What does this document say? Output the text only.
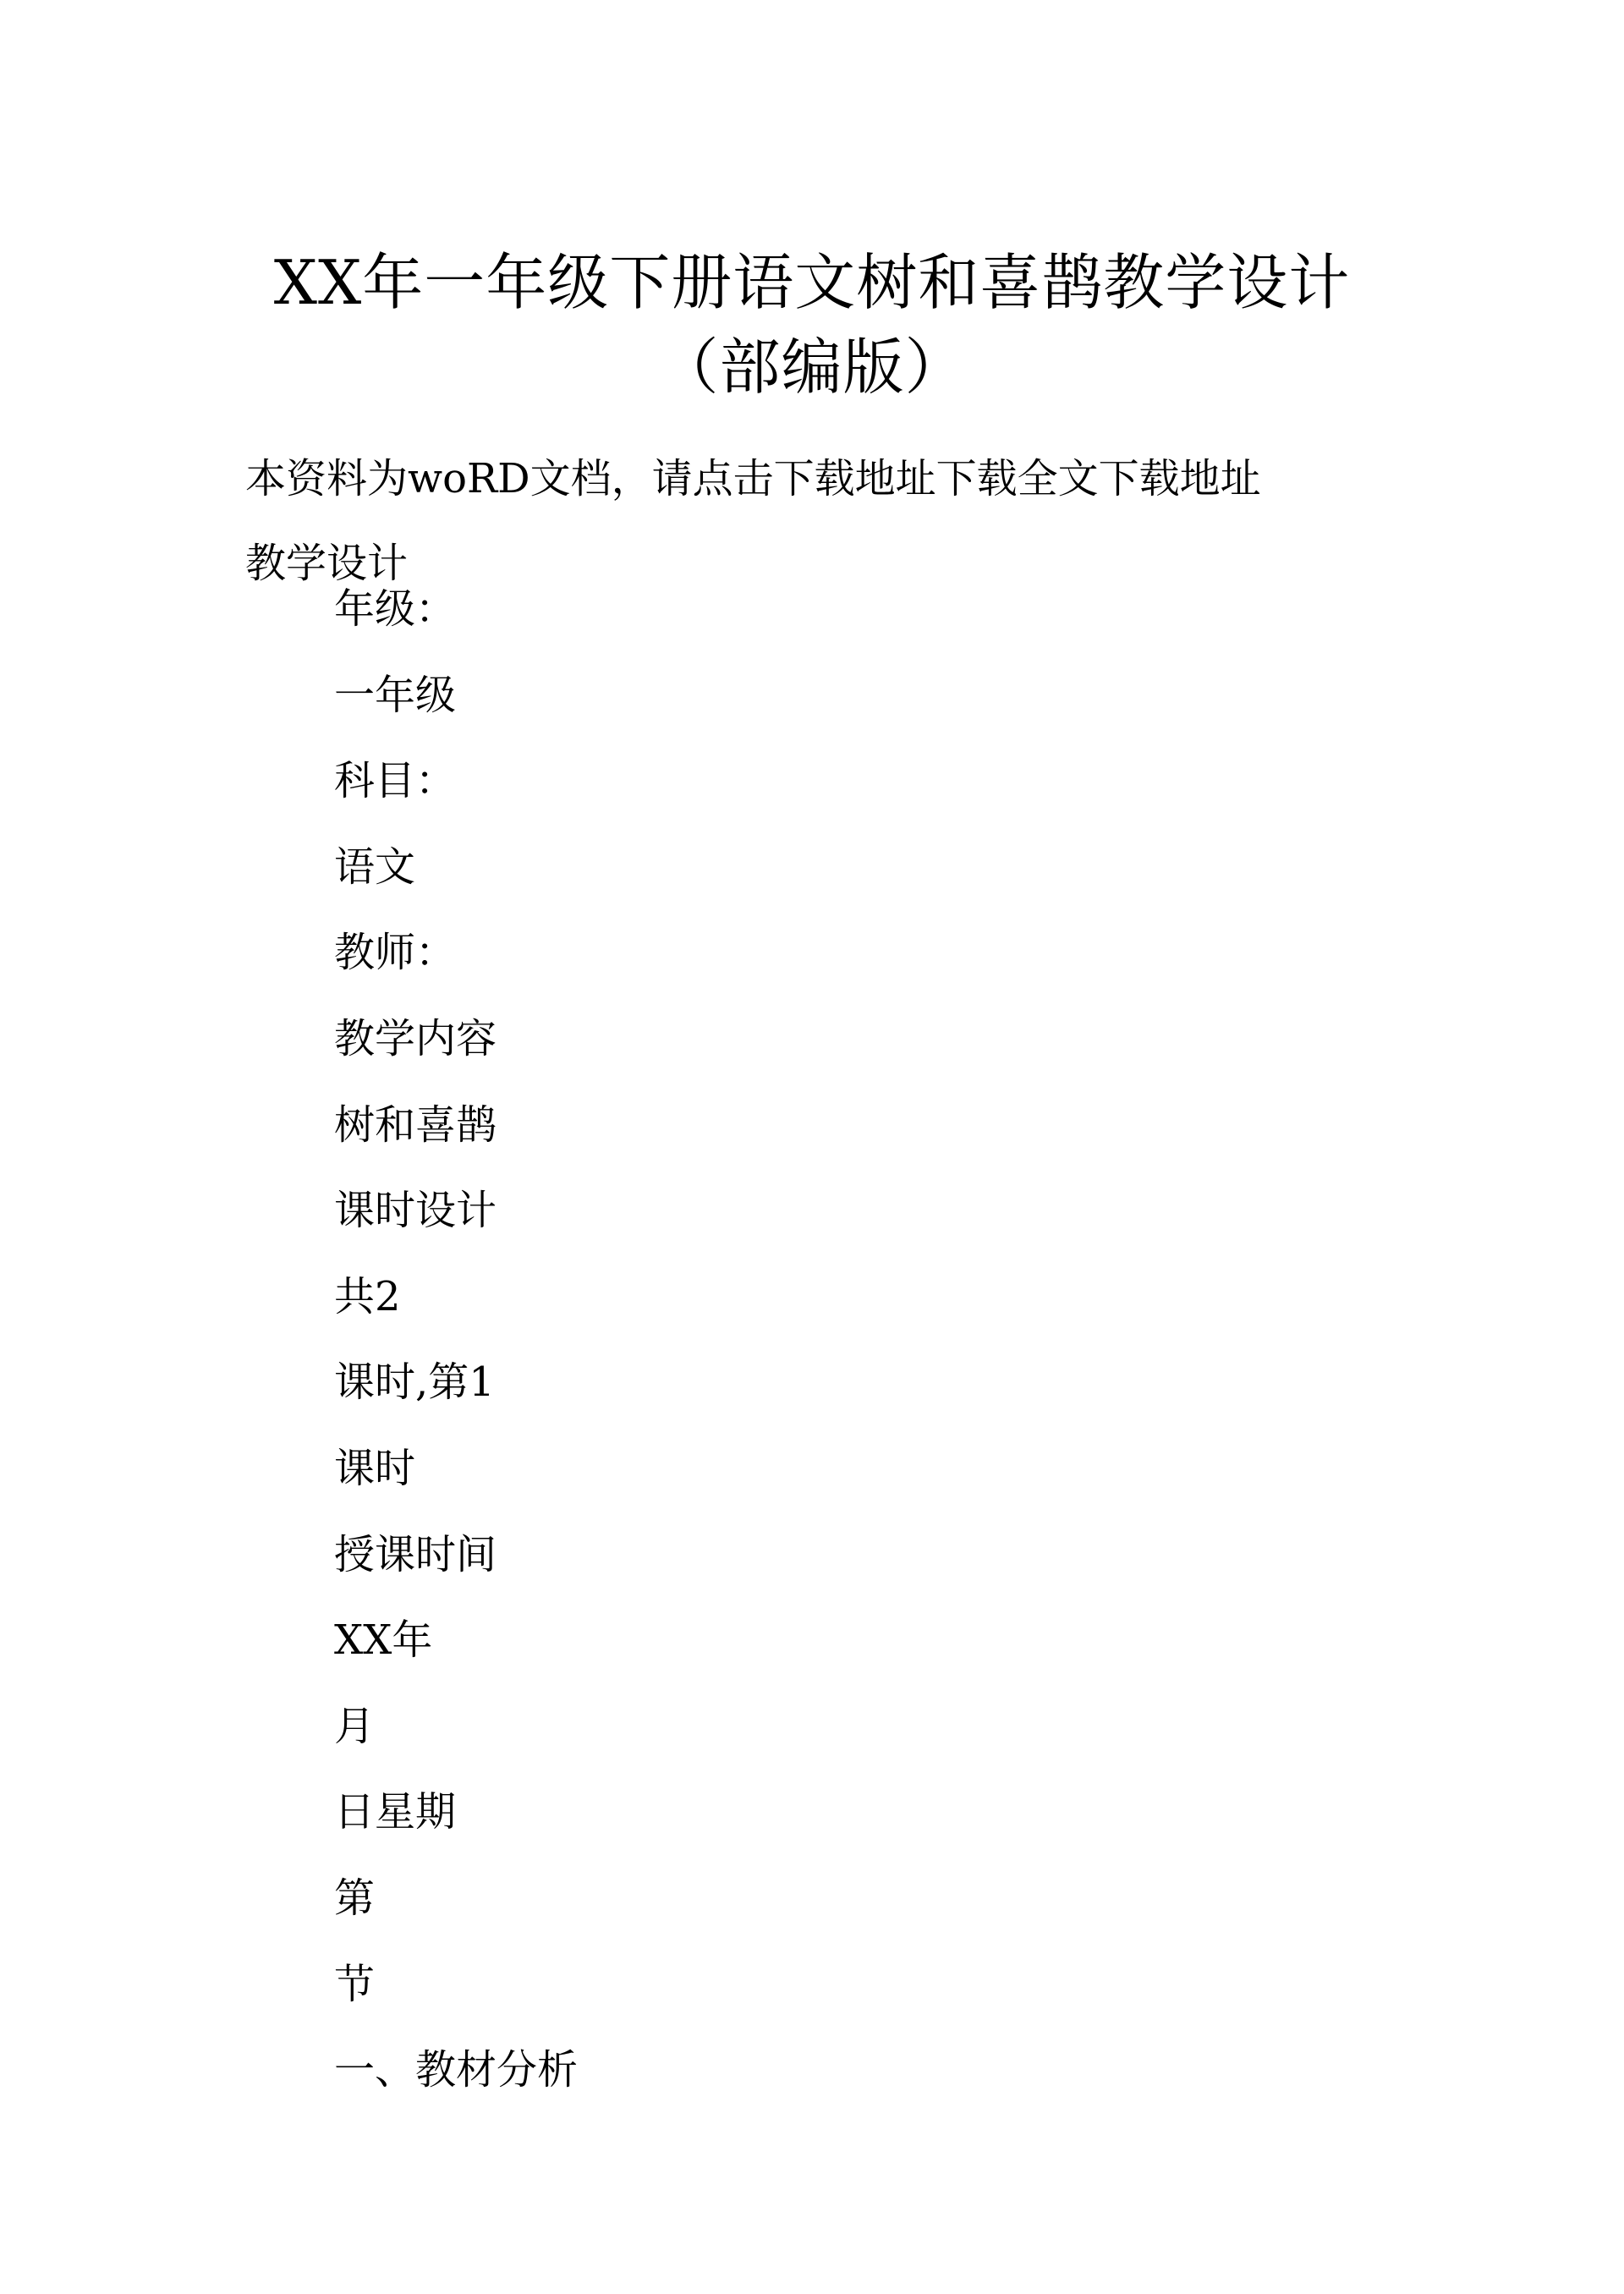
XX年一年级下册语文树和喜鹊教学设计
（部编版）

本资料为woRD文档，请点击下载地址下载全文下载地址

教学设计

年级：
一年级
科目：
语文
教师：
教学内容
树和喜鹊
课时设计
共2
课时,第1
课时
授课时间
XX年
月
日星期
第
节
一、教材分析
